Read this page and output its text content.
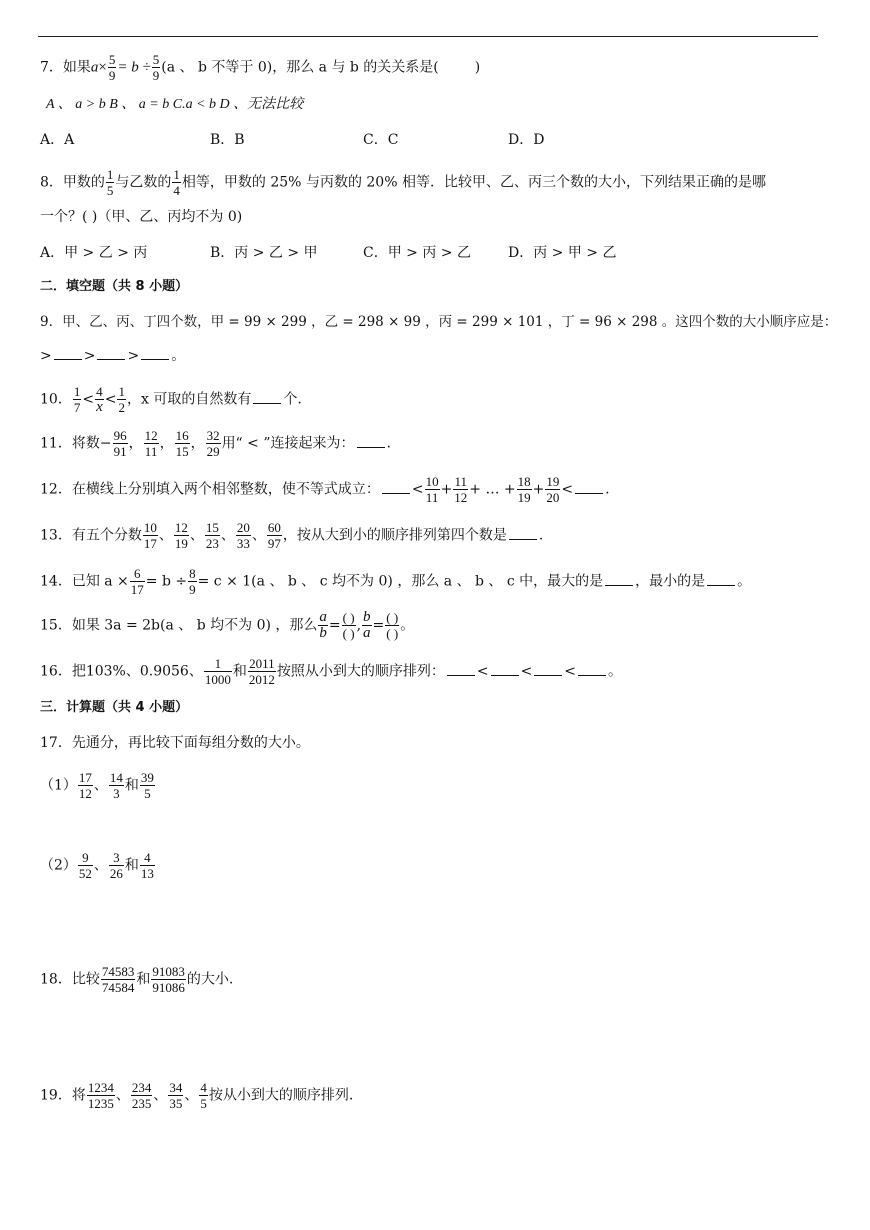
7．如果$a\times \frac{5}{9} = b \div \frac{5}{9} (a$ 、 b 不等于 0)，那么 a 与 b 的关关系是(	)
A 、 a > b B 、 a = b C.a < b D 、无法比较
A．A	B．B	C．C	D．D
8．甲数的 $\frac{1}{5}$ 与乙数的 $\frac{1}{4}$ 相等，甲数的 25% 与丙数的 20% 相等．比较甲、乙、丙三个数的大小，下列结果正确的是哪
一个？( )（甲、乙、丙均不为 0)
A．甲 > 乙 > 丙	B．丙 > 乙 > 甲	C．甲 > 丙 > 乙	D．丙 > 甲 > 乙
二．填空题（共 8 小题）
9．甲、乙、丙、丁四个数，甲 = 99 × 299 ，乙 = 298 × 99 ，丙 = 299 × 101 ，丁 = 96 × 298 。这四个数的大小顺序应是：
> > > 。
10． $\frac{1}{7} < \frac{4}{x} < \frac{1}{2}$ ，x 可取的自然数有 个.
11．将数− $\frac{96}{91}$ ， $\frac{12}{11}$ ， $\frac{16}{15}$ ， $\frac{32}{29}$ 用“ < ”连接起来为： .
12．在横线上分别填入两个相邻整数，使不等式成立： < $\frac{10}{11} + \frac{11}{12}$ + … + $\frac{18}{19} + \frac{19}{20}$ < .
13．有五个分数 $\frac{10}{17}$ 、 $\frac{12}{19}$ 、 $\frac{15}{23}$ 、 $\frac{20}{33}$ 、 $\frac{60}{97}$ ，按从大到小的顺序排列第四个数是 .
14．已知 $a \times \frac{6}{17} = b \div \frac{8}{9} = c \times 1(a$ 、 b 、 c 均不为 0) ，那么 a 、 b 、 c 中，最大的是 ，最小的是 。
15．如果 3a = 2b(a 、 b 均不为 0) ，那么 $\frac{a}{b}$ = ( )
( ) , $\frac{b}{a}$ = ( )
( ) 。
16．把103%、0.9056、 $\frac{1}{1000}$ 和 $\frac{2011}{2012}$ 按照从小到大的顺序排列： < < < 。
三．计算题（共 4 小题）
17．先通分，再比较下面每组分数的大小。
$(1) \frac{17}{12}$ 、 $\frac{14}{3}$ 和 $\frac{39}{5}$
$(2) \frac{9}{52}$ 、 $\frac{3}{26}$ 和 $\frac{4}{13}$
18．比较 $\frac{74583}{74584}$ 和 $\frac{91083}{91086}$ 的大小.
19．将 $\frac{1234}{1235}$ 、 $\frac{234}{235}$ 、 $\frac{34}{35}$ 、 $\frac{4}{5}$ 按从小到大的顺序排列.
